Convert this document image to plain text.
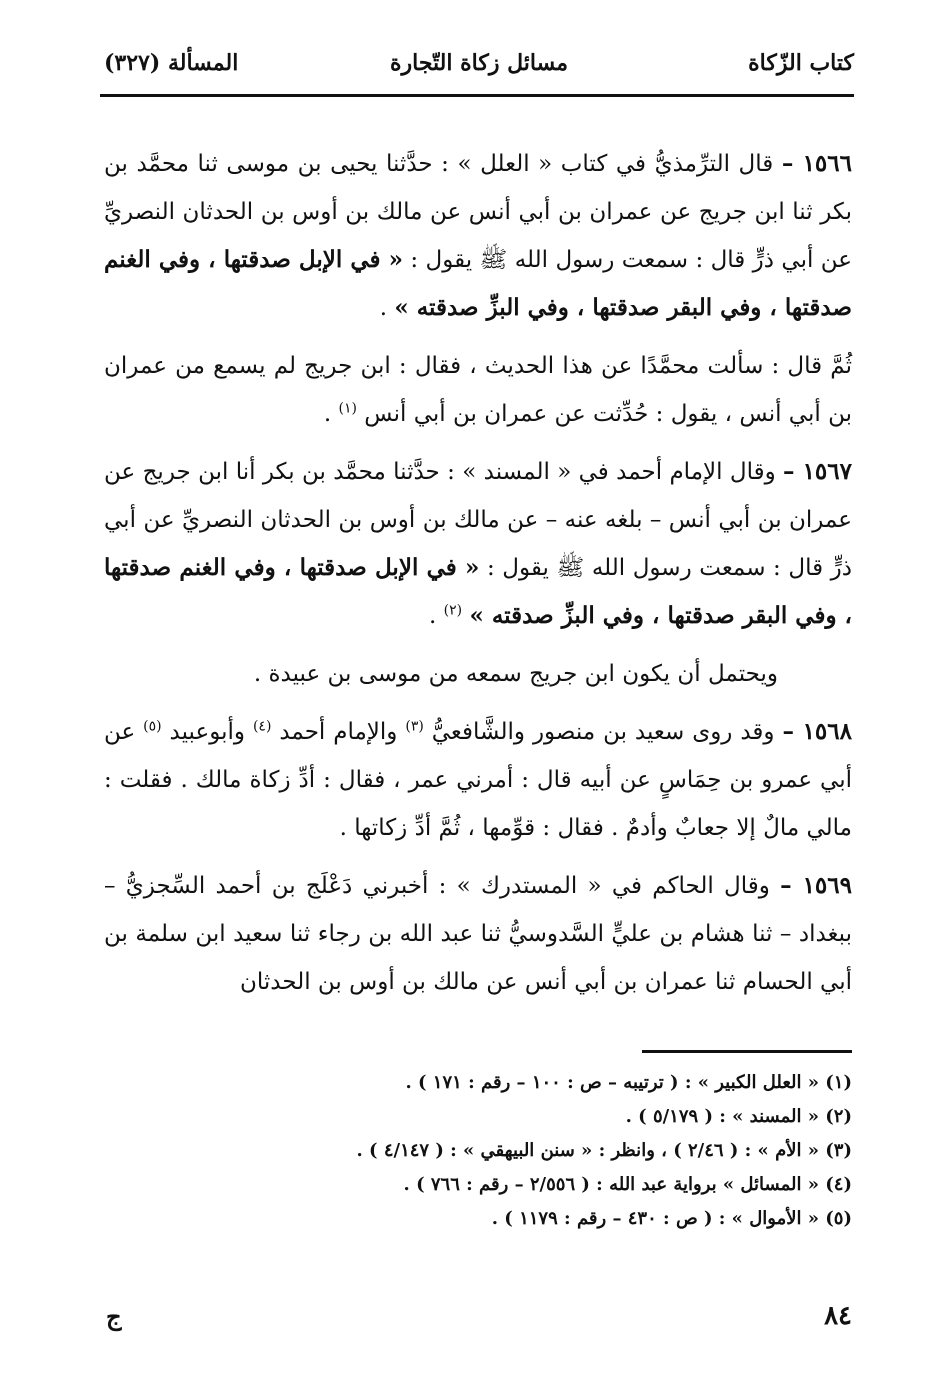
كتاب الزّكاة
مسائل زكاة التّجارة
المسألة (٣٢٧)

١٥٦٦ – قال الترِّمذيُّ في كتاب « العلل » : حدَّثنا يحيى بن موسى ثنا محمَّد بن بكر ثنا ابن جريج عن عمران بن أبي أنس عن مالك بن أوس بن الحدثان النصريِّ عن أبي ذرٍّ قال : سمعت رسول الله ﷺ يقول : « في الإبل صدقتها ، وفي الغنم صدقتها ، وفي البقر صدقتها ، وفي البزِّ صدقته » .

ثُمَّ قال : سألت محمَّدًا عن هذا الحديث ، فقال : ابن جريج لم يسمع من عمران بن أبي أنس ، يقول : حُدِّثت عن عمران بن أبي أنس $^{(١)}$ .

١٥٦٧ – وقال الإمام أحمد في « المسند » : حدَّثنا محمَّد بن بكر أنا ابن جريج عن عمران بن أبي أنس – بلغه عنه – عن مالك بن أوس بن الحدثان النصريِّ عن أبي ذرٍّ قال : سمعت رسول الله ﷺ يقول : « في الإبل صدقتها ، وفي الغنم صدقتها ، وفي البقر صدقتها ، وفي البزِّ صدقته » $^{(٢)}$ .

ويحتمل أن يكون ابن جريج سمعه من موسى بن عبيدة .

١٥٦٨ – وقد روى سعيد بن منصور والشَّافعيُّ $^{(٣)}$ والإمام أحمد $^{(٤)}$ وأبوعبيد $^{(٥)}$ عن أبي عمرو بن حِمَاسٍ عن أبيه قال : أمرني عمر ، فقال : أدِّ زكاة مالك . فقلت : مالي مالٌ إلا جعابٌ وأدمٌ . فقال : قوِّمها ، ثُمَّ أدِّ زكاتها .

١٥٦٩ – وقال الحاكم في « المستدرك » : أخبرني دَعْلَج بن أحمد السِّجزيُّ – ببغداد – ثنا هشام بن عليٍّ السَّدوسيُّ ثنا عبد الله بن رجاء ثنا سعيد ابن سلمة بن أبي الحسام ثنا عمران بن أبي أنس عن مالك بن أوس بن الحدثان

(١) « العلل الكبير » : ( ترتيبه – ص : ١٠٠ – رقم : ١٧١ ) .
(٢) « المسند » : ( ٥/١٧٩ ) .
(٣) « الأم » : ( ٢/٤٦ ) ، وانظر : « سنن البيهقي » : ( ٤/١٤٧ ) .
(٤) « المسائل » برواية عبد الله : ( ٢/٥٥٦ – رقم : ٧٦٦ ) .
(٥) « الأموال » : ( ص : ٤٣٠ – رقم : ١١٧٩ ) .
٨٤
ج
